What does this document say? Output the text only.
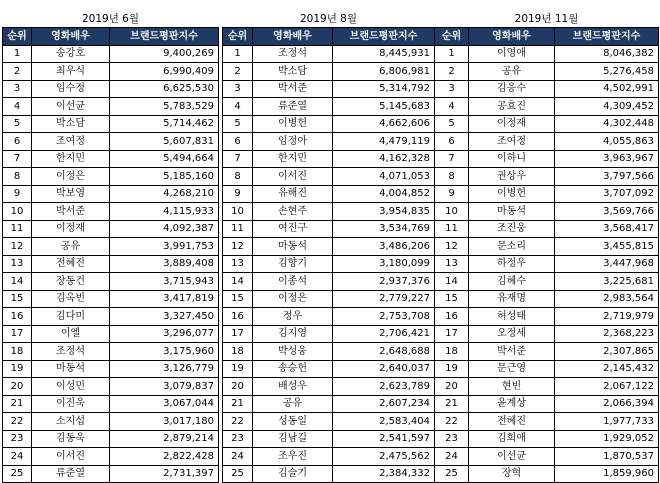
2019년 6월		
순위	영화배우	브랜드평판지수
1	송강호	9,400,269
2	최우식	6,990,409
3	임수정	6,625,530
4	이선균	5,783,529
5	박소담	5,714,462
6	조여정	5,607,831
7	한지민	5,494,664
8	이정은	5,185,160
9	박보영	4,268,210
10	박서준	4,115,933
11	이정재	4,092,387
12	공유	3,991,753
13	전혜진	3,889,408
14	장동건	3,715,943
15	김옥빈	3,417,819
16	김다미	3,327,450
17	이엘	3,296,077
18	조정석	3,175,960
19	마동석	3,126,779
20	이성민	3,079,837
21	이진욱	3,067,044
22	소지섭	3,017,180
23	김동욱	2,879,214
24	이서진	2,822,428
25	류준열	2,731,397
2019년 8월		
순위	영화배우	브랜드평판지수
1	조정석	8,445,931
2	박소담	6,806,981
3	박서준	5,314,792
4	류준열	5,145,683
5	이병헌	4,662,606
6	임정아	4,479,119
7	한지민	4,162,328
8	이서진	4,071,053
9	유해진	4,004,852
10	손현주	3,954,835
11	여진구	3,534,769
12	마동석	3,486,206
13	김향기	3,180,099
14	이종석	2,937,376
15	이정은	2,779,227
16	정우	2,753,708
17	김지영	2,706,421
18	박성웅	2,648,688
19	송승헌	2,640,037
20	배성우	2,623,789
21	공유	2,607,234
22	성동일	2,583,404
23	김남길	2,541,597
24	조우진	2,475,562
25	김슬기	2,384,332
2019년 11월		
순위	영화배우	브랜드평판지수
1	이영애	8,046,382
2	공유	5,276,458
3	김응수	4,502,991
4	공효진	4,309,452
5	이정재	4,302,448
6	조여정	4,055,863
7	이하니	3,963,967
8	권상우	3,797,566
9	이병헌	3,707,092
10	마동석	3,569,766
11	조진웅	3,568,417
12	문소리	3,455,815
13	하정우	3,447,968
14	김혜수	3,225,681
15	유재명	2,983,564
16	허성태	2,719,979
17	오정세	2,368,223
18	박서준	2,307,865
19	문근영	2,145,432
20	현빈	2,067,122
21	윤계상	2,066,394
22	전혜진	1,977,733
23	김희애	1,929,052
24	이선균	1,870,537
25	장혁	1,859,960
